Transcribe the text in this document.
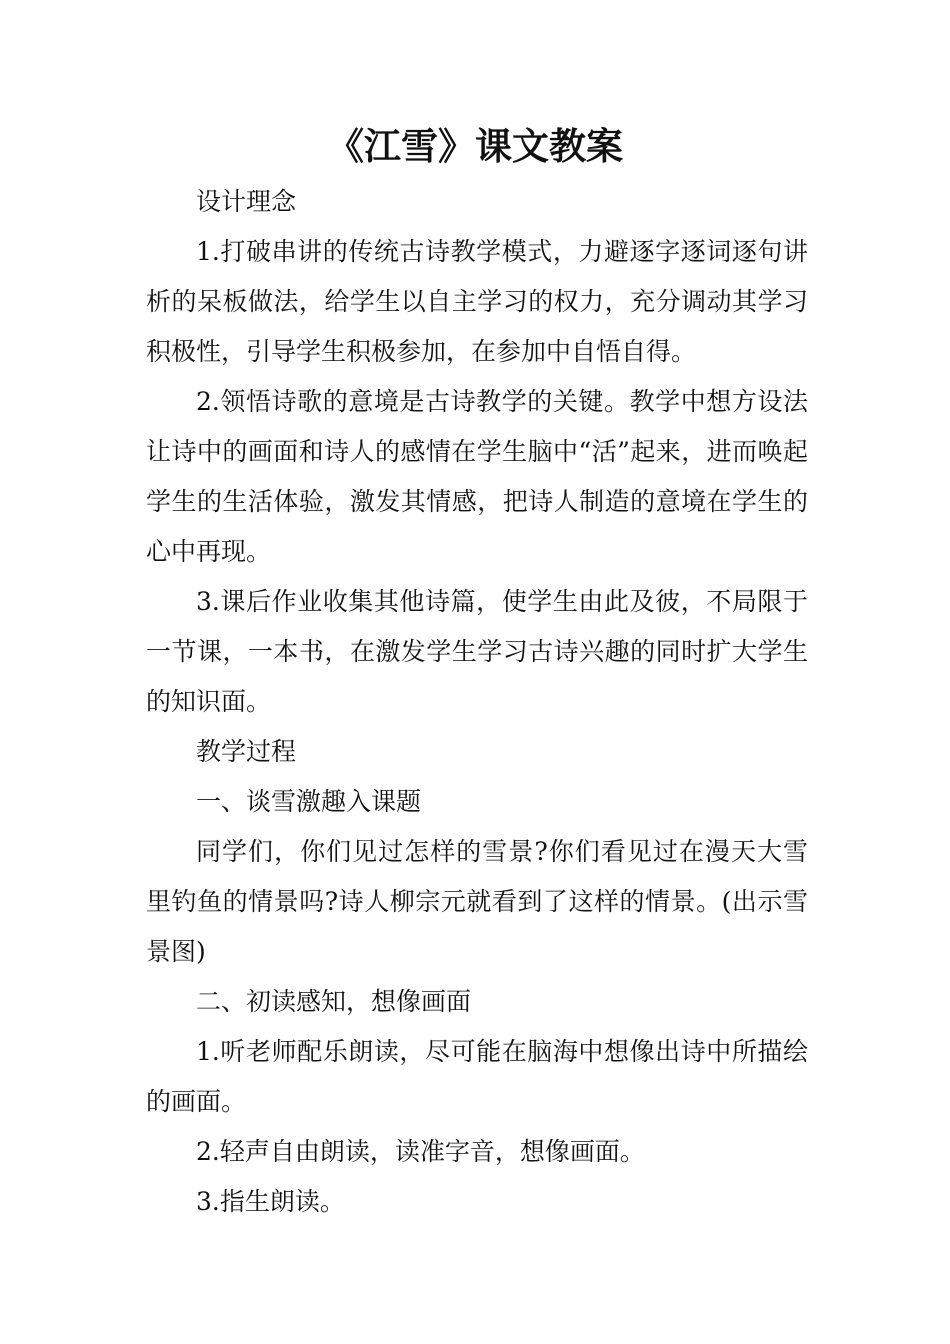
《江雪》课文教案

设计理念

1.打破串讲的传统古诗教学模式，力避逐字逐词逐句讲析的呆板做法，给学生以自主学习的权力，充分调动其学习积极性，引导学生积极参加，在参加中自悟自得。

2.领悟诗歌的意境是古诗教学的关键。教学中想方设法让诗中的画面和诗人的感情在学生脑中“活”起来，进而唤起学生的生活体验，激发其情感，把诗人制造的意境在学生的心中再现。

3.课后作业收集其他诗篇，使学生由此及彼，不局限于一节课，一本书，在激发学生学习古诗兴趣的同时扩大学生的知识面。

教学过程

一、谈雪激趣入课题

同学们，你们见过怎样的雪景?你们看见过在漫天大雪里钓鱼的情景吗?诗人柳宗元就看到了这样的情景。(出示雪景图)

二、初读感知，想像画面

1.听老师配乐朗读，尽可能在脑海中想像出诗中所描绘的画面。

2.轻声自由朗读，读准字音，想像画面。

3.指生朗读。
